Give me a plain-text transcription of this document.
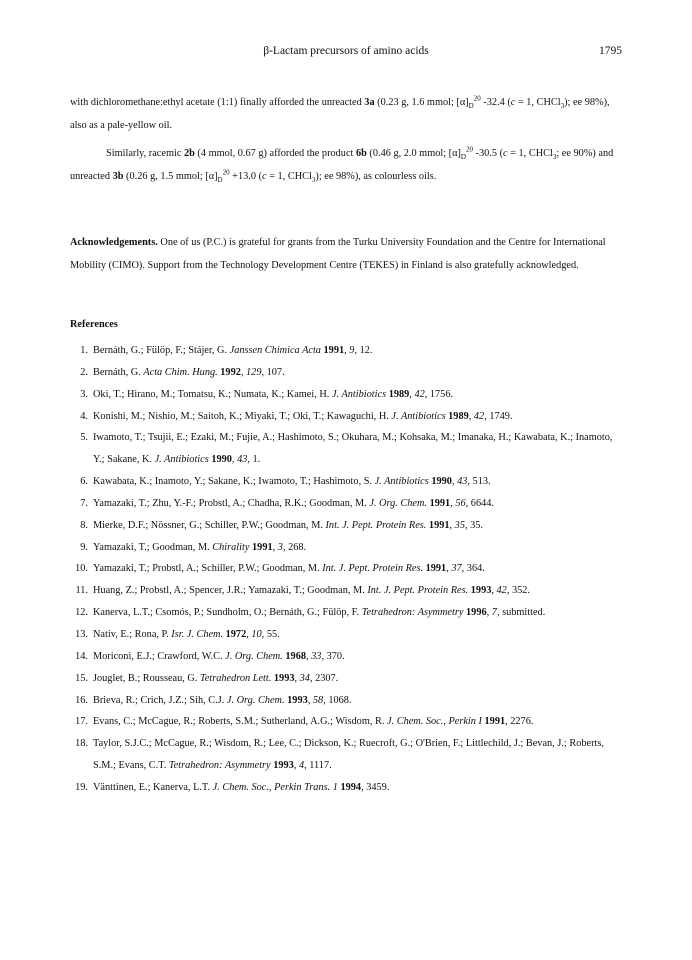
β-Lactam precursors of amino acids	1795

with dichloromethane:ethyl acetate (1:1) finally afforded the unreacted 3a (0.23 g, 1.6 mmol; $[\alpha]_D^{20}$ -32.4 (c = 1, CHCl$_3$); ee 98%), also as a pale-yellow oil.

Similarly, racemic 2b (4 mmol, 0.67 g) afforded the product 6b (0.46 g, 2.0 mmol; $[\alpha]_D^{20}$ -30.5 (c = 1, CHCl$_3$; ee 90%) and unreacted 3b (0.26 g, 1.5 mmol; $[\alpha]_D^{20} +13.0$ (c = 1, CHCl$_3$); ee 98%), as colourless oils.

Acknowledgements. One of us (P.C.) is grateful for grants from the Turku University Foundation and the Centre for International Mobility (CIMO). Support from the Technology Development Centre (TEKES) in Finland is also gratefully acknowledged.

References
1. Bernáth, G.; Fülöp, F.; Stájer, G. Janssen Chimica Acta 1991, 9, 12.
2. Bernáth, G. Acta Chim. Hung. 1992, 129, 107.
3. Oki, T.; Hirano, M.; Tomatsu, K.; Numata, K.; Kamei, H. J. Antibiotics 1989, 42, 1756.
4. Konishi, M.; Nishio, M.; Saitoh, K.; Miyaki, T.; Oki, T.; Kawaguchi, H. J. Antibiotics 1989, 42, 1749.
5. Iwamoto, T.; Tsujii, E.; Ezaki, M.; Fujie, A.; Hashimoto, S.; Okuhara, M.; Kohsaka, M.; Imanaka, H.; Kawabata, K.; Inamoto, Y.; Sakane, K. J. Antibiotics 1990, 43, 1.
6. Kawabata, K.; Inamoto, Y.; Sakane, K.; Iwamoto, T.; Hashimoto, S. J. Antibiotics 1990, 43, 513.
7. Yamazaki, T.; Zhu, Y.-F.; Probstl, A.; Chadha, R.K.; Goodman, M. J. Org. Chem. 1991, 56, 6644.
8. Mierke, D.F.; Nössner, G.; Schiller, P.W.; Goodman, M. Int. J. Pept. Protein Res. 1991, 35, 35.
9. Yamazaki, T.; Goodman, M. Chirality 1991, 3, 268.
10. Yamazaki, T.; Probstl, A.; Schiller, P.W.; Goodman, M. Int. J. Pept. Protein Res. 1991, 37, 364.
11. Huang, Z.; Probstl, A.; Spencer, J.R.; Yamazaki, T.; Goodman, M. Int. J. Pept. Protein Res. 1993, 42, 352.
12. Kanerva, L.T.; Csomós, P.; Sundholm, O.; Bernáth, G.; Fülöp, F. Tetrahedron: Asymmetry 1996, 7, submitted.
13. Nativ, E.; Rona, P. Isr. J. Chem. 1972, 10, 55.
14. Moriconi, E.J.; Crawford, W.C. J. Org. Chem. 1968, 33, 370.
15. Jouglet, B.; Rousseau, G. Tetrahedron Lett. 1993, 34, 2307.
16. Brieva, R.; Crich, J.Z.; Sih, C.J. J. Org. Chem. 1993, 58, 1068.
17. Evans, C.; McCague, R.; Roberts, S.M.; Sutherland, A.G.; Wisdom, R. J. Chem. Soc., Perkin I 1991, 2276.
18. Taylor, S.J.C.; McCague, R.; Wisdom, R.; Lee, C.; Dickson, K.; Ruecroft, G.; O'Brien, F.; Littlechild, J.; Bevan, J.; Roberts, S.M.; Evans, C.T. Tetrahedron: Asymmetry 1993, 4, 1117.
19. Vänttinen, E.; Kanerva, L.T. J. Chem. Soc., Perkin Trans. 1 1994, 3459.
